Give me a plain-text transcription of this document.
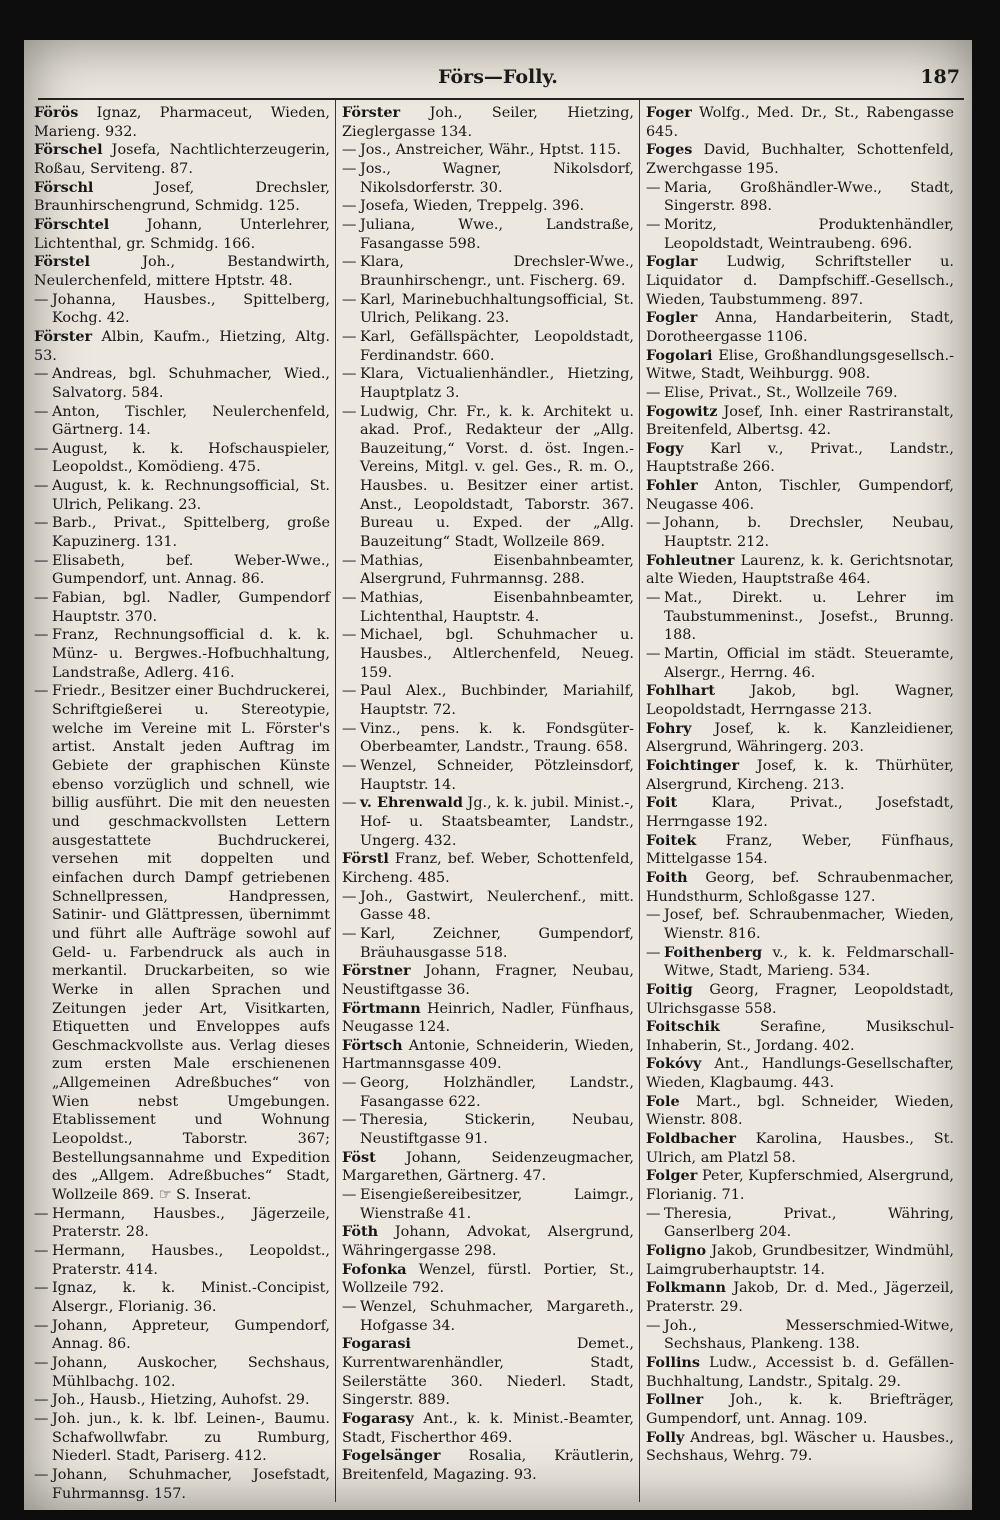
Förs—Folly.	187

Förös Ignaz, Pharmaceut, Wieden, Marieng. 932.

Förschel Josefa, Nachtlichterzeugerin, Roßau, Serviteng. 87.

Förschl	Josef, Drechsler, Braunhirschengrund, Schmidg. 125.

Förschtel	Johann, Unterlehrer, Lichtenthal, gr. Schmidg. 166.

Förstel	Joh., Bestandwirth, Neulerchenfeld, mittere Hptstr. 48.

— Johanna, Hausbes., Spittelberg, Kochg. 42.

Förster Albin, Kaufm., Hietzing, Altg. 53.

— Andreas, bgl. Schuhmacher, Wied., Salvatorg. 584.

— Anton, Tischler, Neulerchenfeld, Gärtnerg. 14.

— August, k. k. Hofschauspieler, Leopoldst., Komödieng. 475.

— August, k. k. Rechnungsofficial, St. Ulrich, Pelikang. 23.

— Barb., Privat., Spittelberg, große Kapuzinerg. 131.

— Elisabeth, bef. Weber-Wwe., Gumpendorf, unt. Annag. 86.

— Fabian, bgl. Nadler, Gumpendorf Hauptstr. 370.

— Franz, Rechnungsofficial d. k. k. Münz- u. Bergwes.-Hofbuchhaltung, Landstraße, Adlerg. 416.

— Friedr., Besitzer einer Buchdruckerei, Schriftgießerei u. Stereotypie, welche im Vereine mit L. Förster's artist. Anstalt jeden Auftrag im Gebiete der graphischen Künste ebenso vorzüglich und schnell, wie billig ausführt. Die mit den neuesten und geschmackvollsten Lettern ausgestattete Buchdruckerei, versehen mit doppelten und einfachen durch Dampf getriebenen Schnellpressen, Handpressen, Satinir- und Glättpressen, übernimmt und führt alle Aufträge sowohl auf Geld- u. Farbendruck als auch in merkantil. Druckarbeiten, so wie Werke in allen Sprachen und Zeitungen jeder Art, Visitkarten, Etiquetten und Enveloppes aufs Geschmackvollste aus. Verlag dieses zum ersten Male erschienenen „Allgemeinen Adreßbuches“ von Wien nebst Umgebungen. Etablissement und Wohnung Leopoldst., Taborstr. 367; Bestellungsannahme und Expedition des „Allgem. Adreßbuches“ Stadt, Wollzeile 869. ☞ S. Inserat.

— Hermann, Hausbes., Jägerzeile, Praterstr. 28.

— Hermann, Hausbes., Leopoldst., Praterstr. 414.

— Ignaz, k. k. Minist.-Concipist, Alsergr., Florianig. 36.

— Johann, Appreteur, Gumpendorf, Annag. 86.

— Johann, Auskocher, Sechshaus, Mühlbachg. 102.

— Joh., Hausb., Hietzing, Auhofst. 29.

— Joh. jun., k. k. lbf. Leinen-, Baumu. Schafwollwfabr. zu Rumburg, Niederl. Stadt, Pariserg. 412.

— Johann, Schuhmacher, Josefstadt, Fuhrmannsg. 157.

Förster Joh., Seiler, Hietzing, Zieglergasse 134.

— Jos., Anstreicher, Währ., Hptst. 115.

— Jos., Wagner, Nikolsdorf, Nikolsdorferstr. 30.

— Josefa, Wieden, Treppelg. 396.

— Juliana, Wwe., Landstraße, Fasangasse 598.

— Klara, Drechsler-Wwe., Braunhirschengr., unt. Fischerg. 69.

— Karl, Marinebuchhaltungsofficial, St. Ulrich, Pelikang. 23.

— Karl, Gefällspächter, Leopoldstadt, Ferdinandstr. 660.

— Klara, Victualienhändler., Hietzing, Hauptplatz 3.

— Ludwig, Chr. Fr., k. k. Architekt u. akad. Prof., Redakteur der „Allg. Bauzeitung,“ Vorst. d. öst. Ingen.-Vereins, Mitgl. v. gel. Ges., R. m. O., Hausbes. u. Besitzer einer artist. Anst., Leopoldstadt, Taborstr. 367. Bureau u. Exped. der „Allg. Bauzeitung“ Stadt, Wollzeile 869.

— Mathias, Eisenbahnbeamter, Alsergrund, Fuhrmannsg. 288.

— Mathias, Eisenbahnbeamter, Lichtenthal, Hauptstr. 4.

— Michael, bgl. Schuhmacher u. Hausbes., Altlerchenfeld, Neueg. 159.

— Paul Alex., Buchbinder, Mariahilf, Hauptstr. 72.

— Vinz., pens. k. k. Fondsgüter-Oberbeamter, Landstr., Traung. 658.

— Wenzel, Schneider, Pötzleinsdorf, Hauptstr. 14.

— v. Ehrenwald Jg., k. k. jubil. Minist.-, Hof- u. Staatsbeamter, Landstr., Ungerg. 432.

Förstl Franz, bef. Weber, Schottenfeld, Kircheng. 485.

— Joh., Gastwirt, Neulerchenf., mitt. Gasse 48.

— Karl, Zeichner, Gumpendorf, Bräuhausgasse 518.

Förstner Johann, Fragner, Neubau, Neustiftgasse 36.

Förtmann Heinrich, Nadler, Fünfhaus, Neugasse 124.

Förtsch Antonie, Schneiderin, Wieden, Hartmannsgasse 409.

— Georg, Holzhändler, Landstr., Fasangasse 622.

— Theresia, Stickerin, Neubau, Neustiftgasse 91.

Föst Johann, Seidenzeugmacher, Margarethen, Gärtnerg. 47.

— Eisengießereibesitzer, Laimgr., Wienstraße 41.

Föth Johann, Advokat, Alsergrund, Währingergasse 298.

Fofonka Wenzel, fürstl. Portier, St., Wollzeile 792.

— Wenzel, Schuhmacher, Margareth., Hofgasse 34.

Fogarasi	Demet., Kurrentwarenhändler, Stadt, Seilerstätte 360. Niederl. Stadt, Singerstr. 889.

Fogarasy Ant., k. k. Minist.-Beamter, Stadt, Fischerthor 469.

Fogelsänger Rosalia, Kräutlerin, Breitenfeld, Magazing. 93.

Foger Wolfg., Med. Dr., St., Rabengasse 645.

Foges David, Buchhalter, Schottenfeld, Zwerchgasse 195.

— Maria, Großhändler-Wwe., Stadt, Singerstr. 898.

— Moritz, Produktenhändler, Leopoldstadt, Weintraubeng. 696.

Foglar Ludwig, Schriftsteller u. Liquidator d. Dampfschiff.-Gesellsch., Wieden, Taubstummeng. 897.

Fogler Anna, Handarbeiterin, Stadt, Dorotheergasse 1106.

Fogolari Elise, Großhandlungsgesellsch.-Witwe, Stadt, Weihburgg. 908.

— Elise, Privat., St., Wollzeile 769.

Fogowitz Josef, Inh. einer Rastriranstalt, Breitenfeld, Albertsg. 42.

Fogy Karl v., Privat., Landstr., Hauptstraße 266.

Fohler Anton, Tischler, Gumpendorf, Neugasse 406.

— Johann, b. Drechsler, Neubau, Hauptstr. 212.

Fohleutner Laurenz, k. k. Gerichtsnotar, alte Wieden, Hauptstraße 464.

— Mat., Direkt. u. Lehrer im Taubstummeninst., Josefst., Brunng. 188.

— Martin, Official im städt. Steueramte, Alsergr., Herrng. 46.

Fohlhart Jakob, bgl. Wagner, Leopoldstadt, Herrngasse 213.

Fohry Josef, k. k. Kanzleidiener, Alsergrund, Währingerg. 203.

Foichtinger Josef, k. k. Thürhüter, Alsergrund, Kircheng. 213.

Foit Klara, Privat., Josefstadt, Herrngasse 192.

Foitek Franz, Weber, Fünfhaus, Mittelgasse 154.

Foith Georg, bef. Schraubenmacher, Hundsthurm, Schloßgasse 127.

— Josef, bef. Schraubenmacher, Wieden, Wienstr. 816.

— Foithenberg v., k. k. Feldmarschall-Witwe, Stadt, Marieng. 534.

Foitig Georg, Fragner, Leopoldstadt, Ulrichsgasse 558.

Foitschik	Serafine, Musikschul-Inhaberin, St., Jordang. 402.

Fokóvy Ant., Handlungs-Gesellschafter, Wieden, Klagbaumg. 443.

Fole Mart., bgl. Schneider, Wieden, Wienstr. 808.

Foldbacher Karolina, Hausbes., St. Ulrich, am Platzl 58.

Folger Peter, Kupferschmied, Alsergrund, Florianig. 71.

— Theresia, Privat., Währing, Ganserlberg 204.

Foligno Jakob, Grundbesitzer, Windmühl, Laimgruberhauptstr. 14.

Folkmann Jakob, Dr. d. Med., Jägerzeil, Praterstr. 29.

— Joh., Messerschmied-Witwe, Sechshaus, Plankeng. 138.

Follins Ludw., Accessist b. d. Gefällen-Buchhaltung, Landstr., Spitalg. 29.

Follner Joh., k. k. Briefträger, Gumpendorf, unt. Annag. 109.

Folly Andreas, bgl. Wäscher u. Hausbes., Sechshaus, Wehrg. 79.
